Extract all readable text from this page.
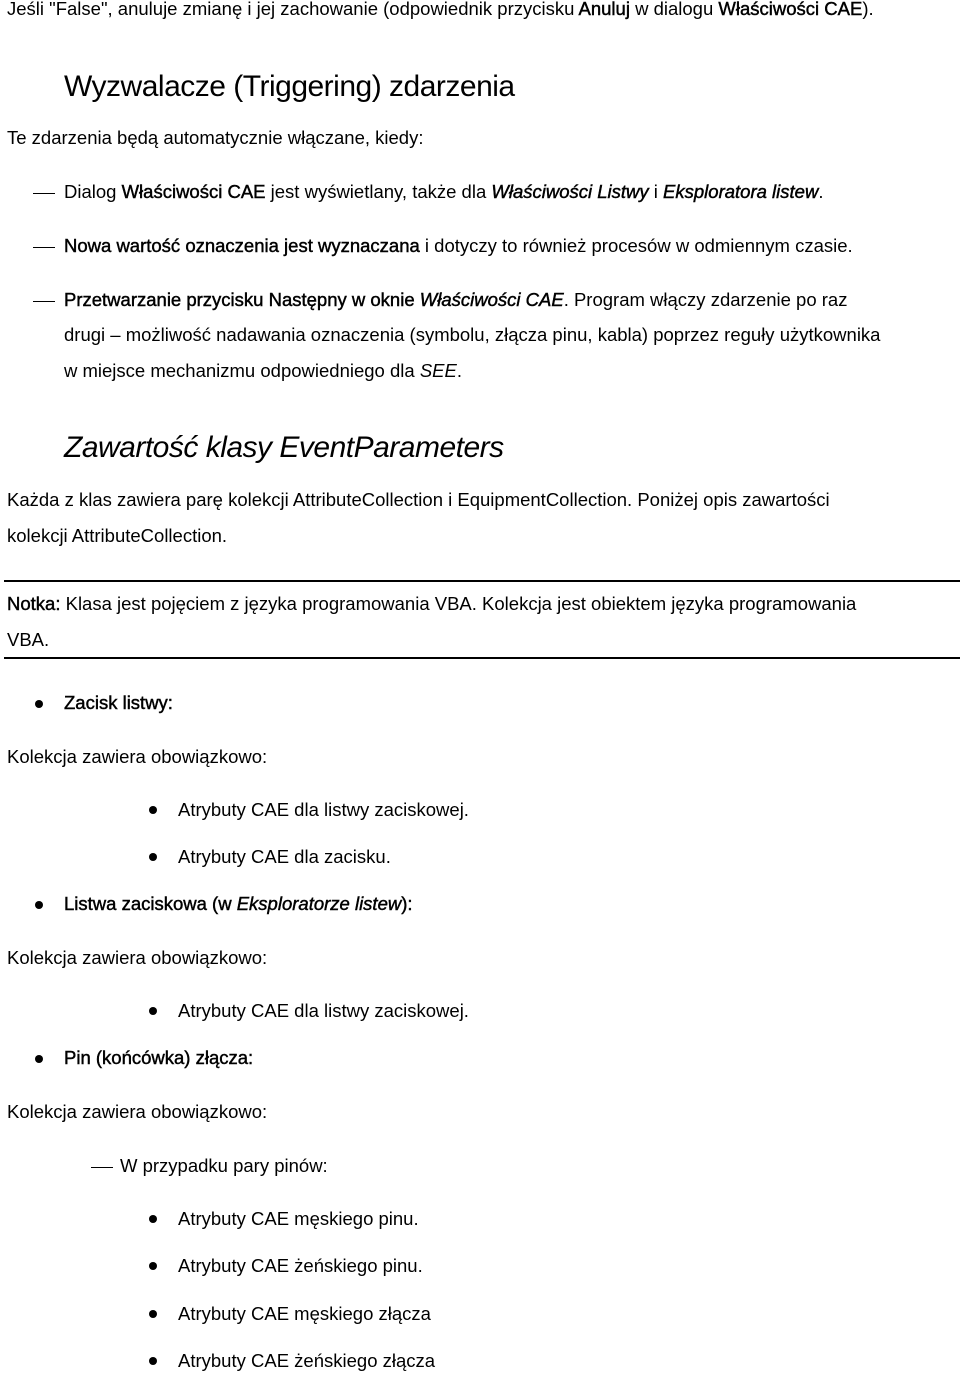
Jeśli "False", anuluje zmianę i jej zachowanie (odpowiednik przycisku Anuluj w dialogu Właściwości CAE).
Wyzwalacze (Triggering) zdarzenia
Te zdarzenia będą automatycznie włączane, kiedy:
Dialog Właściwości CAE jest wyświetlany, także dla Właściwości Listwy i Eksploratora listew.
Nowa wartość oznaczenia jest wyznaczana i dotyczy to również procesów w odmiennym czasie.
Przetwarzanie przycisku Następny w oknie Właściwości CAE. Program włączy zdarzenie po raz
drugi – możliwość nadawania oznaczenia (symbolu, złącza pinu, kabla) poprzez reguły użytkownika
w miejsce mechanizmu odpowiedniego dla SEE.
Zawartość klasy EventParameters
Każda z klas zawiera parę kolekcji AttributeCollection i EquipmentCollection. Poniżej opis zawartości
kolekcji AttributeCollection.
Notka: Klasa jest pojęciem z języka programowania VBA. Kolekcja jest obiektem języka programowania
VBA.
Zacisk listwy:
Kolekcja zawiera obowiązkowo:
Atrybuty CAE dla listwy zaciskowej.
Atrybuty CAE dla zacisku.
Listwa zaciskowa (w Eksploratorze listew):
Kolekcja zawiera obowiązkowo:
Atrybuty CAE dla listwy zaciskowej.
Pin (końcówka) złącza:
Kolekcja zawiera obowiązkowo:
W przypadku pary pinów:
Atrybuty CAE męskiego pinu.
Atrybuty CAE żeńskiego pinu.
Atrybuty CAE męskiego złącza
Atrybuty CAE żeńskiego złącza
